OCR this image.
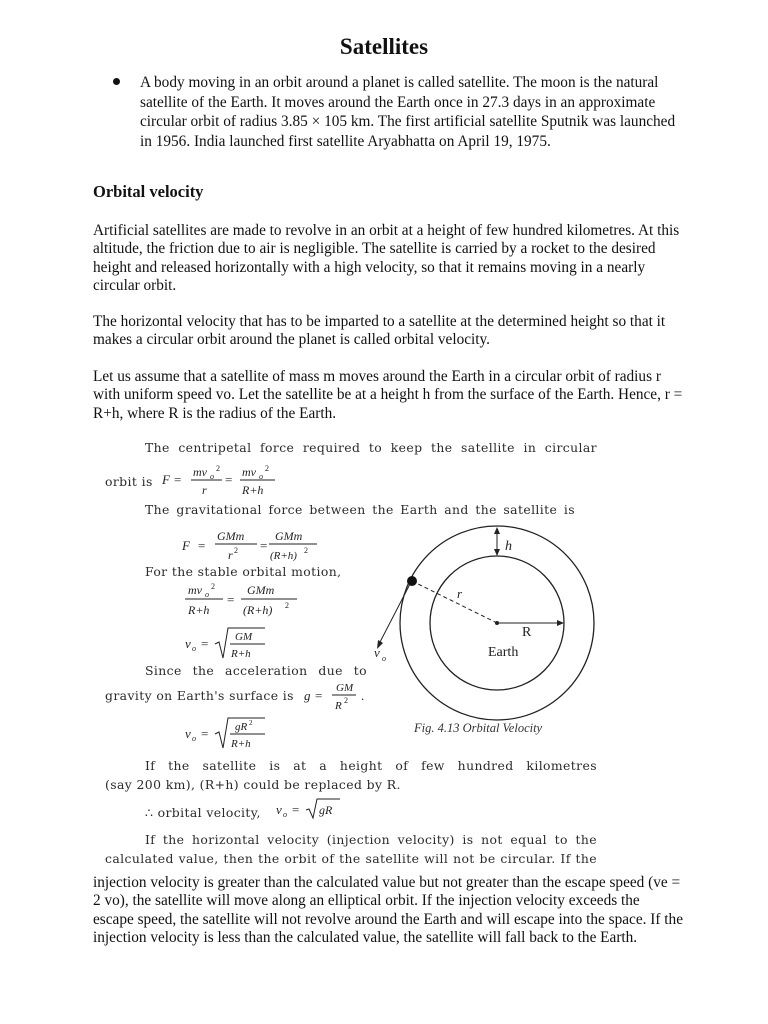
Satellites

A body moving in an orbit around a planet is called satellite. The moon is the natural satellite of the Earth. It moves around the Earth once in 27.3 days in an approximate circular orbit of radius 3.85 × 105 km. The first artificial satellite Sputnik was launched in 1956. India launched first satellite Aryabhatta on April 19, 1975.

Orbital velocity

Artificial satellites are made to revolve in an orbit at a height of few hundred kilometres. At this altitude, the friction due to air is negligible. The satellite is carried by a rocket to the desired height and released horizontally with a high velocity, so that it remains moving in a nearly circular orbit.

The horizontal velocity that has to be imparted to a satellite at the determined height so that it makes a circular orbit around the planet is called orbital velocity.

Let us assume that a satellite of mass m moves around the Earth in a circular orbit of radius r with uniform speed vo. Let the satellite be at a height h from the surface of the Earth. Hence, r = R+h, where R is the radius of the Earth.

The centripetal force required to keep the satellite in circular

orbit is F = mv o
2
r
= mv o
2
R+h

The gravitational force between the Earth and the satellite is

F =
GMm
r 2 =
GMm
(R+h) 2

For the stable orbital motion,

mv o
2
R+h
=
GMm
(R+h) 2
v o = GM
R+h

Since the acceleration due to

gravity on Earth's surface is g = GM
R 2 .
v o = gR 2
R+h

If the satellite is at a height of few hundred kilometres

(say 200 km), (R+h) could be replaced by R.

∴ orbital velocity, v o = gR

If the horizontal velocity (injection velocity) is not equal to the

calculated value, then the orbit of the satellite will not be circular. If the

h
r
R
Earth
v o
Fig. 4.13 Orbital Velocity

injection velocity is greater than the calculated value but not greater than the escape speed (ve = 2 vo), the satellite will move along an elliptical orbit. If the injection velocity exceeds the escape speed, the satellite will not revolve around the Earth and will escape into the space. If the injection velocity is less than the calculated value, the satellite will fall back to the Earth.
